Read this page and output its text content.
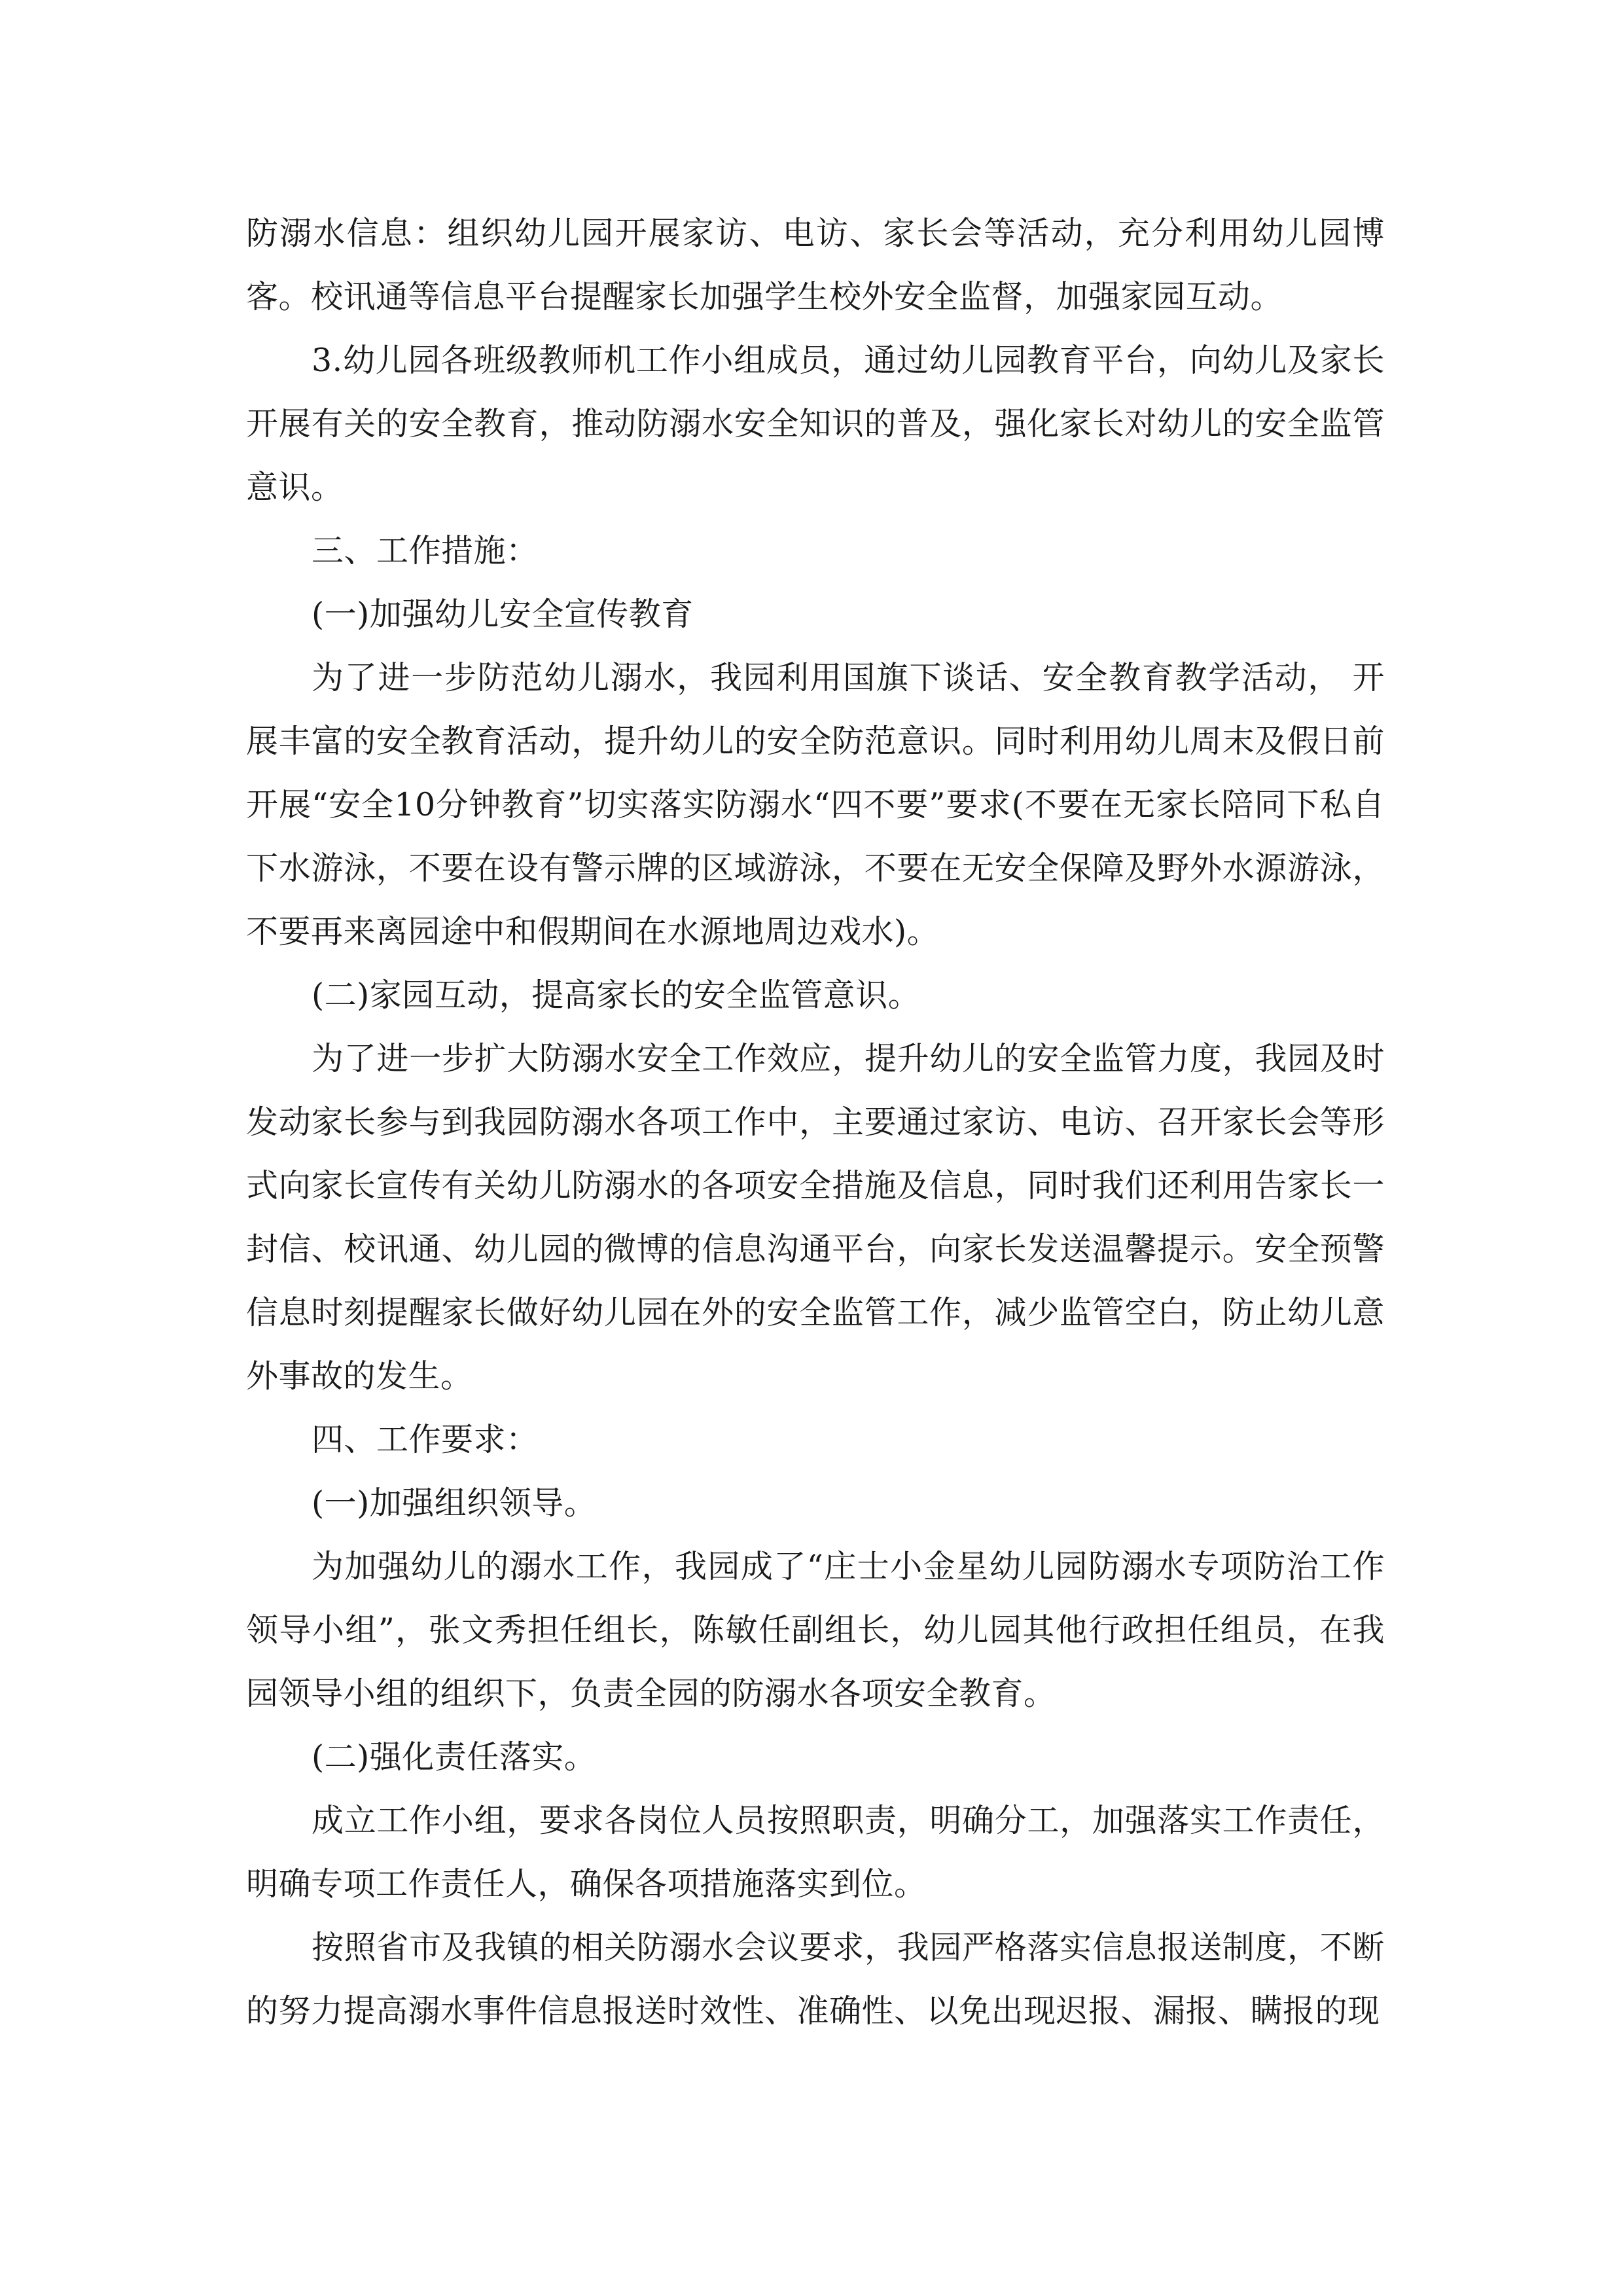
防溺水信息：组织幼儿园开展家访、电访、家长会等活动，充分利用幼儿园博客。校讯通等信息平台提醒家长加强学生校外安全监督，加强家园互动。

3.幼儿园各班级教师机工作小组成员，通过幼儿园教育平台，向幼儿及家长开展有关的安全教育，推动防溺水安全知识的普及，强化家长对幼儿的安全监管意识。

三、工作措施：

(一)加强幼儿安全宣传教育

为了进一步防范幼儿溺水，我园利用国旗下谈话、安全教育教学活动， 开展丰富的安全教育活动，提升幼儿的安全防范意识。同时利用幼儿周末及假日前开展“安全10分钟教育”切实落实防溺水“四不要”要求(不要在无家长陪同下私自下水游泳，不要在设有警示牌的区域游泳，不要在无安全保障及野外水源游泳，不要再来离园途中和假期间在水源地周边戏水)。

(二)家园互动，提高家长的安全监管意识。

为了进一步扩大防溺水安全工作效应，提升幼儿的安全监管力度，我园及时发动家长参与到我园防溺水各项工作中，主要通过家访、电访、召开家长会等形式向家长宣传有关幼儿防溺水的各项安全措施及信息，同时我们还利用告家长一封信、校讯通、幼儿园的微博的信息沟通平台，向家长发送温馨提示。安全预警信息时刻提醒家长做好幼儿园在外的安全监管工作，减少监管空白，防止幼儿意外事故的发生。

四、工作要求：

(一)加强组织领导。

为加强幼儿的溺水工作，我园成了“庄士小金星幼儿园防溺水专项防治工作领导小组”，张文秀担任组长，陈敏任副组长，幼儿园其他行政担任组员，在我园领导小组的组织下，负责全园的防溺水各项安全教育。

(二)强化责任落实。

成立工作小组，要求各岗位人员按照职责，明确分工，加强落实工作责任，明确专项工作责任人，确保各项措施落实到位。

按照省市及我镇的相关防溺水会议要求，我园严格落实信息报送制度，不断的努力提高溺水事件信息报送时效性、准确性、以免出现迟报、漏报、瞒报的现
